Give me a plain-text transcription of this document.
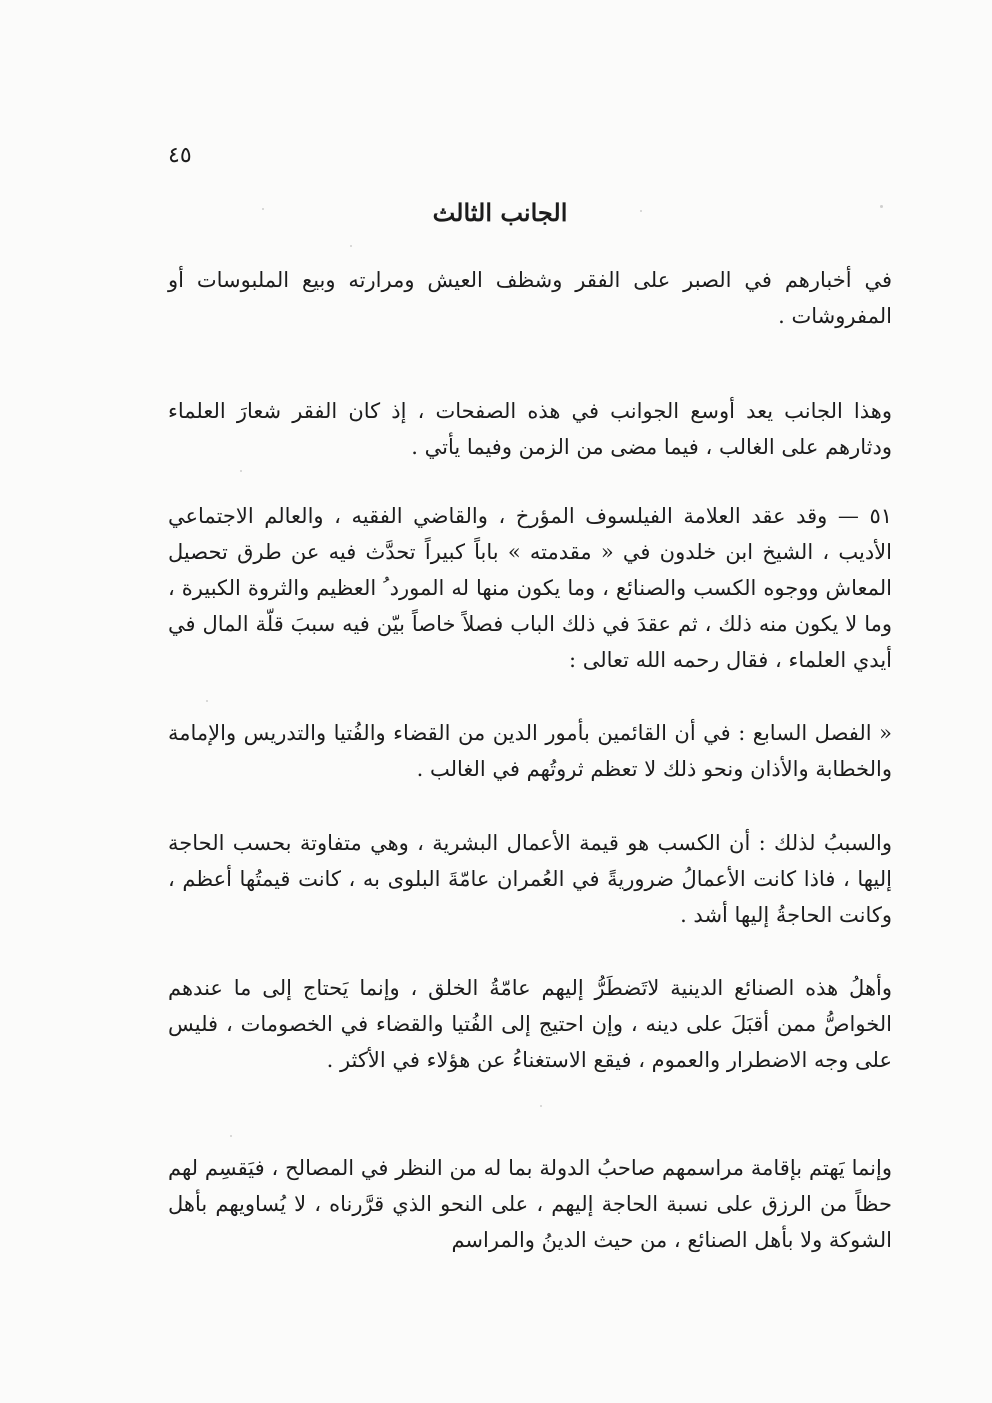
٤٥
الجانب الثالث

في أخبارهم في الصبر على الفقر وشظف العيش ومرارته وبيع الملبوسات أو المفروشات .

وهذا الجانب يعد أوسع الجوانب في هذه الصفحات ، إذ كان الفقر شعارَ العلماء ودثارهم على الغالب ، فيما مضى من الزمن وفيما يأتي .

٥١ — وقد عقد العلامة الفيلسوف المؤرخ ، والقاضي الفقيه ، والعالم الاجتماعي الأديب ، الشيخ ابن خلدون في « مقدمته » باباً كبيراً تحدَّث فيه عن طرق تحصيل المعاش ووجوه الكسب والصنائع ، وما يكون منها له المورد ُ العظيم والثروة الكبيرة ، وما لا يكون منه ذلك ، ثم عقدَ في ذلك الباب فصلاً خاصاً بيّن فيه سببَ قلّة المال في أيدي العلماء ، فقال رحمه الله تعالى :

« الفصل السابع : في أن القائمين بأمور الدين من القضاء والفُتيا والتدريس والإمامة والخطابة والأذان ونحو ذلك لا تعظم ثروتُهم في الغالب .

والسببُ لذلك : أن الكسب هو قيمة الأعمال البشرية ، وهي متفاوتة بحسب الحاجة إليها ، فاذا كانت الأعمالُ ضروريةً في العُمران عامّةَ البلوى به ، كانت قيمتُها أعظم ، وكانت الحاجةُ إليها أشد .

وأهلُ هذه الصنائع الدينية لاتَضطَرُّ إليهم عامّةُ الخلق ، وإنما يَحتاج إلى ما عندهم الخواصُّ ممن أقبَلَ على دينه ، وإن احتيج إلى الفُتيا والقضاء في الخصومات ، فليس على وجه الاضطرار والعموم ، فيقع الاستغناءُ عن هؤلاء في الأكثر .

وإنما يَهتم بإقامة مراسمهم صاحبُ الدولة بما له من النظر في المصالح ، فيَقسِم لهم حظاً من الرزق على نسبة الحاجة إليهم ، على النحو الذي قرَّرناه ، لا يُساويهم بأهل الشوكة ولا بأهل الصنائع ، من حيث الدينُ والمراسم
